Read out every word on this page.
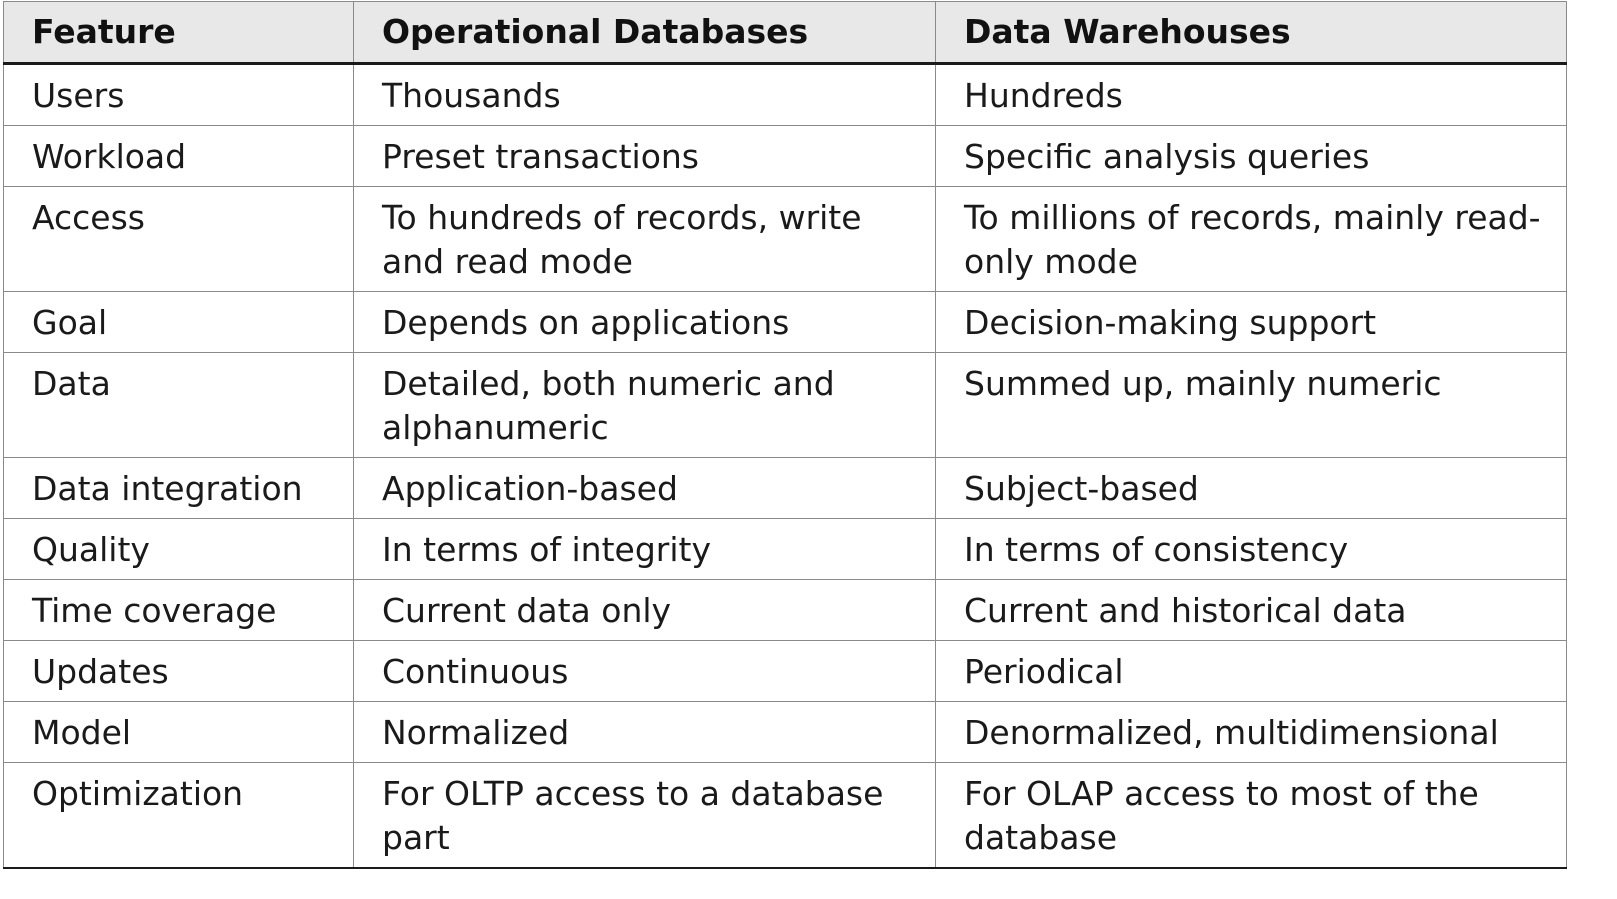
Feature	Operational Databases	Data Warehouses
Users	Thousands	Hundreds
Workload	Preset transactions	Specific analysis queries
Access	To hundreds of records, write and read mode	To millions of records, mainly read-only mode
Goal	Depends on applications	Decision-making support
Data	Detailed, both numeric and alphanumeric	Summed up, mainly numeric
Data integration	Application-based	Subject-based
Quality	In terms of integrity	In terms of consistency
Time coverage	Current data only	Current and historical data
Updates	Continuous	Periodical
Model	Normalized	Denormalized, multidimensional
Optimization	For OLTP access to a database part	For OLAP access to most of the database
